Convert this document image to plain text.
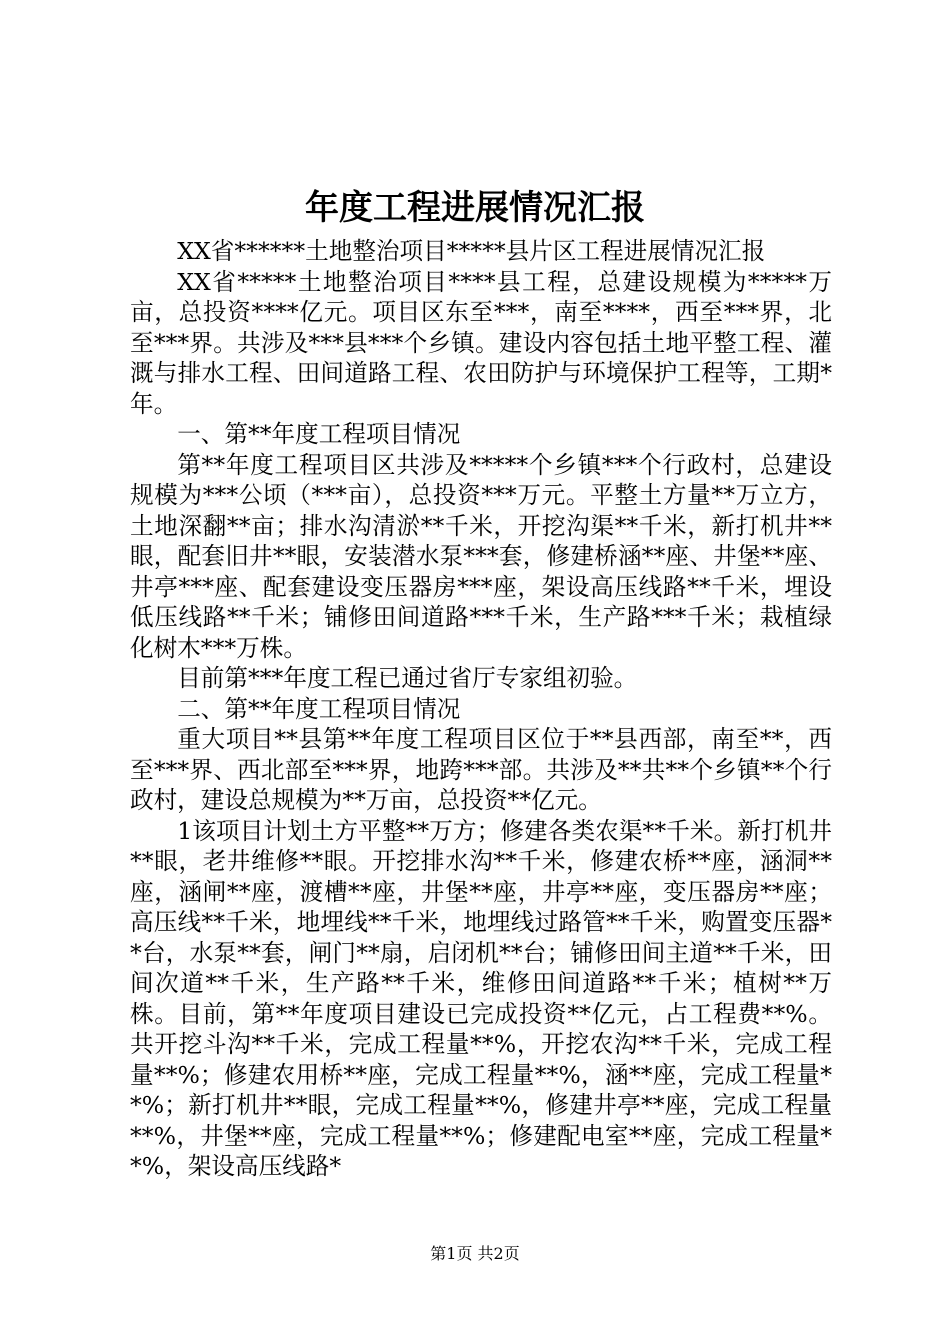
年度工程进展情况汇报

XX省******土地整治项目*****县片区工程进展情况汇报

XX省*****土地整治项目****县工程，总建设规模为*****万亩，总投资****亿元。项目区东至***，南至****，西至***界，北至***界。共涉及***县***个乡镇。建设内容包括土地平整工程、灌溉与排水工程、田间道路工程、农田防护与环境保护工程等，工期*年。

一、第**年度工程项目情况

第**年度工程项目区共涉及*****个乡镇***个行政村，总建设规模为***公顷（***亩），总投资***万元。平整土方量**万立方，土地深翻**亩；排水沟清淤**千米，开挖沟渠**千米，新打机井**眼，配套旧井**眼，安装潜水泵***套，修建桥涵**座、井堡**座、井亭***座、配套建设变压器房***座，架设高压线路**千米，埋设低压线路**千米；铺修田间道路***千米，生产路***千米；栽植绿化树木***万株。

目前第***年度工程已通过省厅专家组初验。

二、第**年度工程项目情况

重大项目**县第**年度工程项目区位于**县西部，南至**，西至***界、西北部至***界，地跨***部。共涉及**共**个乡镇**个行政村，建设总规模为**万亩，总投资**亿元。

1该项目计划土方平整**万方；修建各类农渠**千米。新打机井**眼，老井维修**眼。开挖排水沟**千米，修建农桥**座，涵洞**座，涵闸**座，渡槽**座，井堡**座，井亭**座，变压器房**座；高压线**千米，地埋线**千米，地埋线过路管**千米，购置变压器**台，水泵**套，闸门**扇，启闭机**台；铺修田间主道**千米，田间次道**千米，生产路**千米，维修田间道路**千米；植树**万株。目前，第**年度项目建设已完成投资**亿元，占工程费**%。共开挖斗沟**千米，完成工程量**%，开挖农沟**千米，完成工程量**%；修建农用桥**座，完成工程量**%，涵**座，完成工程量**%；新打机井**眼，完成工程量**%，修建井亭**座，完成工程量**%，井堡**座，完成工程量**%；修建配电室**座，完成工程量**%，架设高压线路*

第1页 共2页
